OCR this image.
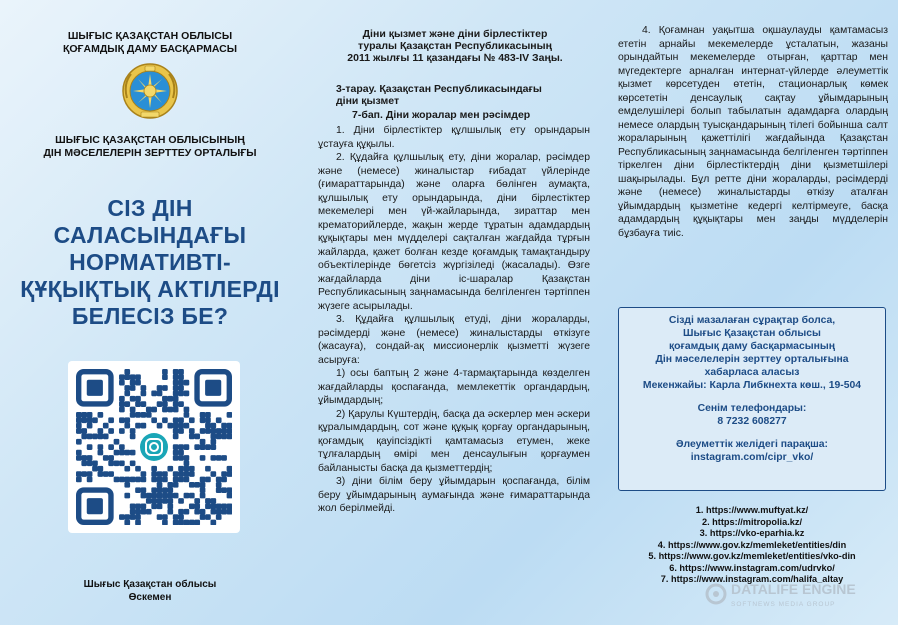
ШЫҒЫС ҚАЗАҚСТАН ОБЛЫСЫ
ҚОҒАМДЫҚ ДАМУ БАСҚАРМАСЫ
ШЫҒЫС ҚАЗАҚСТАН ОБЛЫСЫНЫҢ
ДІН МӘСЕЛЕЛЕРІН ЗЕРТТЕУ ОРТАЛЫҒЫ
СІЗ ДІН
САЛАСЫНДАҒЫ
НОРМАТИВТІ-
ҚҰҚЫҚТЫҚ АКТІЛЕРДІ
БЕЛЕСІЗ БЕ?
Шығыс Қазақстан облысы
Өскемен
Діни қызмет және діни бірлестіктер
туралы Қазақстан Республикасының
2011 жылғы 11 қазандағы № 483-IV Заңы.
3-тарау. Қазақстан Республикасындағы
діни қызмет
7-бап. Діни жоралар мен рәсімдер

1. Діни бірлестіктер құлшылық ету орындарын ұстауға құқылы.

2. Құдайға құлшылық ету, діни жоралар, рәсімдер және (немесе) жиналыстар ғибадат үйлерінде (ғимараттарында) және оларға бөлінген аумақта, құлшылық ету орындарында, діни бірлестіктер мекемелері мен үй-жайларында, зираттар мен крематорийлерде, жақын жерде тұратын адамдардың құқықтары мен мүдделері сақталған жағдайда тұрғын жайларда, қажет болған кезде қоғамдық тамақтандыру объектілерінде бөгетсіз жүргізіледі (жасалады). Өзге жағдайларда діни іс-шаралар Қазақстан Республикасының заңнамасында белгіленген тәртіппен жүзеге асырылады.

3. Құдайға құлшылық етуді, діни жораларды, рәсімдерді және (немесе) жиналыстарды өткізуге (жасауға), сондай-ақ миссионерлік қызметті жүзеге асыруға:

1) осы баптың 2 және 4-тармақтарында көзделген жағдайларды қоспағанда, мемлекеттік органдардың, ұйымдардың;

2) Қарулы Күштердің, басқа да әскерлер мен әскери құралымдардың, сот және құқық қорғау органдарының, қоғамдық қауіпсіздікті қамтамасыз етумен, жеке тұлғалардың өмірі мен денсаулығын қорғаумен байланысты басқа да қызметтердің;

3) діни білім беру ұйымдарын қоспағанда, білім беру ұйымдарының аумағында және ғимараттарында жол берілмейді.

4. Қоғамнан уақытша оқшаулауды қамтамасыз ететін арнайы мекемелерде ұсталатын, жазаны орындайтын мекемелерде отырған, қарттар мен мүгедектерге арналған интернат-үйлерде әлеуметтік қызмет көрсетуден өтетін, стационарлық көмек көрсететін денсаулық сақтау ұйымдарының емделушілері болып табылатын адамдарға олардың немесе олардың туысқандарының тілегі бойынша салт жораларының қажеттілігі жағдайында Қазақстан Республикасының заңнамасында белгіленген тәртіппен тіркелген діни бірлестіктердің діни қызметшілері шақырылады. Бұл ретте діни жораларды, рәсімдерді және (немесе) жиналыстарды өткізу аталған ұйымдардың қызметіне кедергі келтірмеуге, басқа адамдардың құқықтары мен заңды мүдделерін бұзбауға тиіс.

Сізді мазалаған сұрақтар болса,
Шығыс Қазақстан облысы
қоғамдық даму басқармасының
Дін мәселелерін зерттеу орталығына
хабарласа аласыз
Мекенжайы: Карла Либкнехта көш., 19-504
Сенім телефондары:
8 7232 608277
Әлеуметтік желідегі парақша:
instagram.com/cipr_vko/
1. https://www.muftyat.kz/
2. https://mitropolia.kz/
3. https://vko-eparhia.kz
4. https://www.gov.kz/memleket/entities/din
5. https://www.gov.kz/memleket/entities/vko-din
6. https://www.instagram.com/udrvko/
7. https://www.instagram.com/halifa_altay
DATALIFE ENGINE
SOFTNEWS MEDIA GROUP
